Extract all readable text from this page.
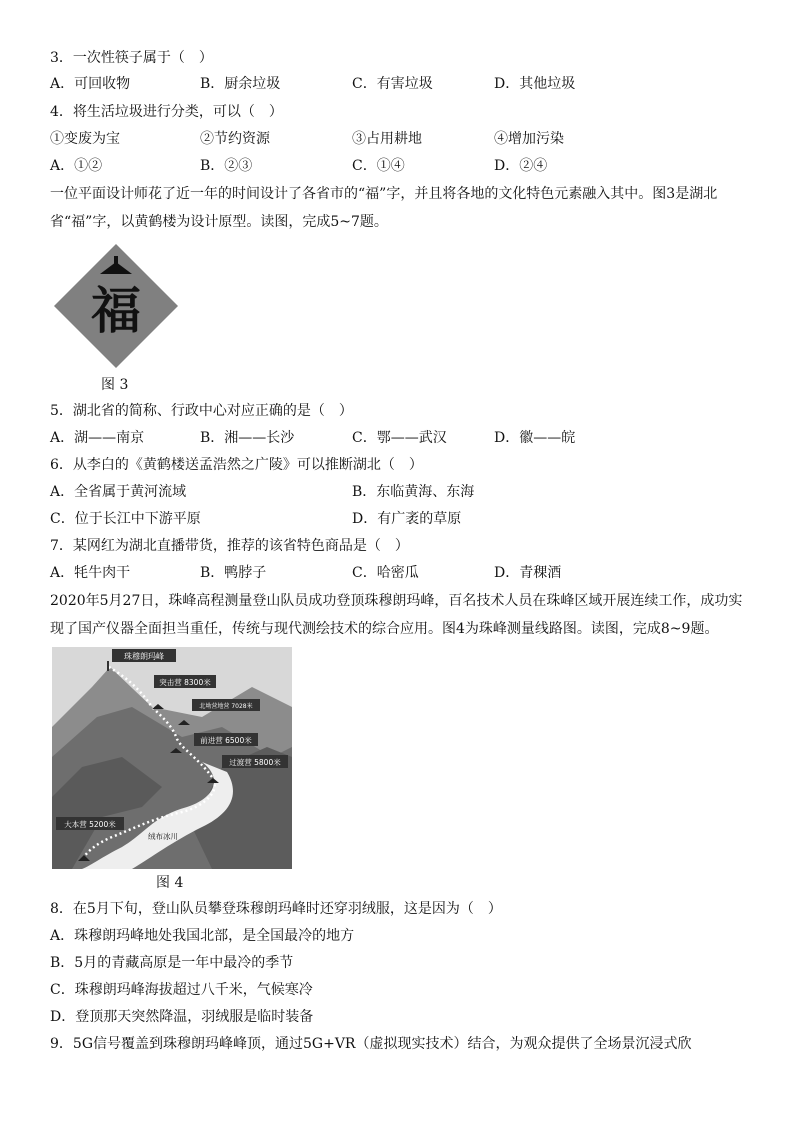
3．一次性筷子属于（　）
A．可回收物	B．厨余垃圾	C．有害垃圾	D．其他垃圾
4．将生活垃圾进行分类，可以（　）
①变废为宝	②节约资源	③占用耕地	④增加污染
A．①②	B．②③	C．①④	D．②④
一位平面设计师花了近一年的时间设计了各省市的“福”字，并且将各地的文化特色元素融入其中。图3是湖北省“福”字，以黄鹤楼为设计原型。读图，完成5~7题。
福
图 3
5．湖北省的简称、行政中心对应正确的是（　）
A．湖——南京	B．湘——长沙	C．鄂——武汉	D．徽——皖
6．从李白的《黄鹤楼送孟浩然之广陵》可以推断湖北（　）
A．全省属于黄河流域	B．东临黄海、东海
C．位于长江中下游平原	D．有广袤的草原
7．某网红为湖北直播带货，推荐的该省特色商品是（　）
A．牦牛肉干	B．鸭脖子	C．哈密瓜	D．青稞酒
2020年5月27日，珠峰高程测量登山队员成功登顶珠穆朗玛峰，百名技术人员在珠峰区域开展连续工作，成功实现了国产仪器全面担当重任，传统与现代测绘技术的综合应用。图4为珠峰测量线路图。读图，完成8~9题。
珠穆朗玛峰
突击营 8300米
北坳营地营 7028米
前进营 6500米
过渡营 5800米
大本营 5200米
绒布冰川
图 4
8．在5月下旬，登山队员攀登珠穆朗玛峰时还穿羽绒服，这是因为（　）
A．珠穆朗玛峰地处我国北部，是全国最冷的地方
B．5月的青藏高原是一年中最冷的季节
C．珠穆朗玛峰海拔超过八千米，气候寒冷
D．登顶那天突然降温，羽绒服是临时装备
9．5G信号覆盖到珠穆朗玛峰峰顶，通过5G+VR（虚拟现实技术）结合，为观众提供了全场景沉浸式欣
